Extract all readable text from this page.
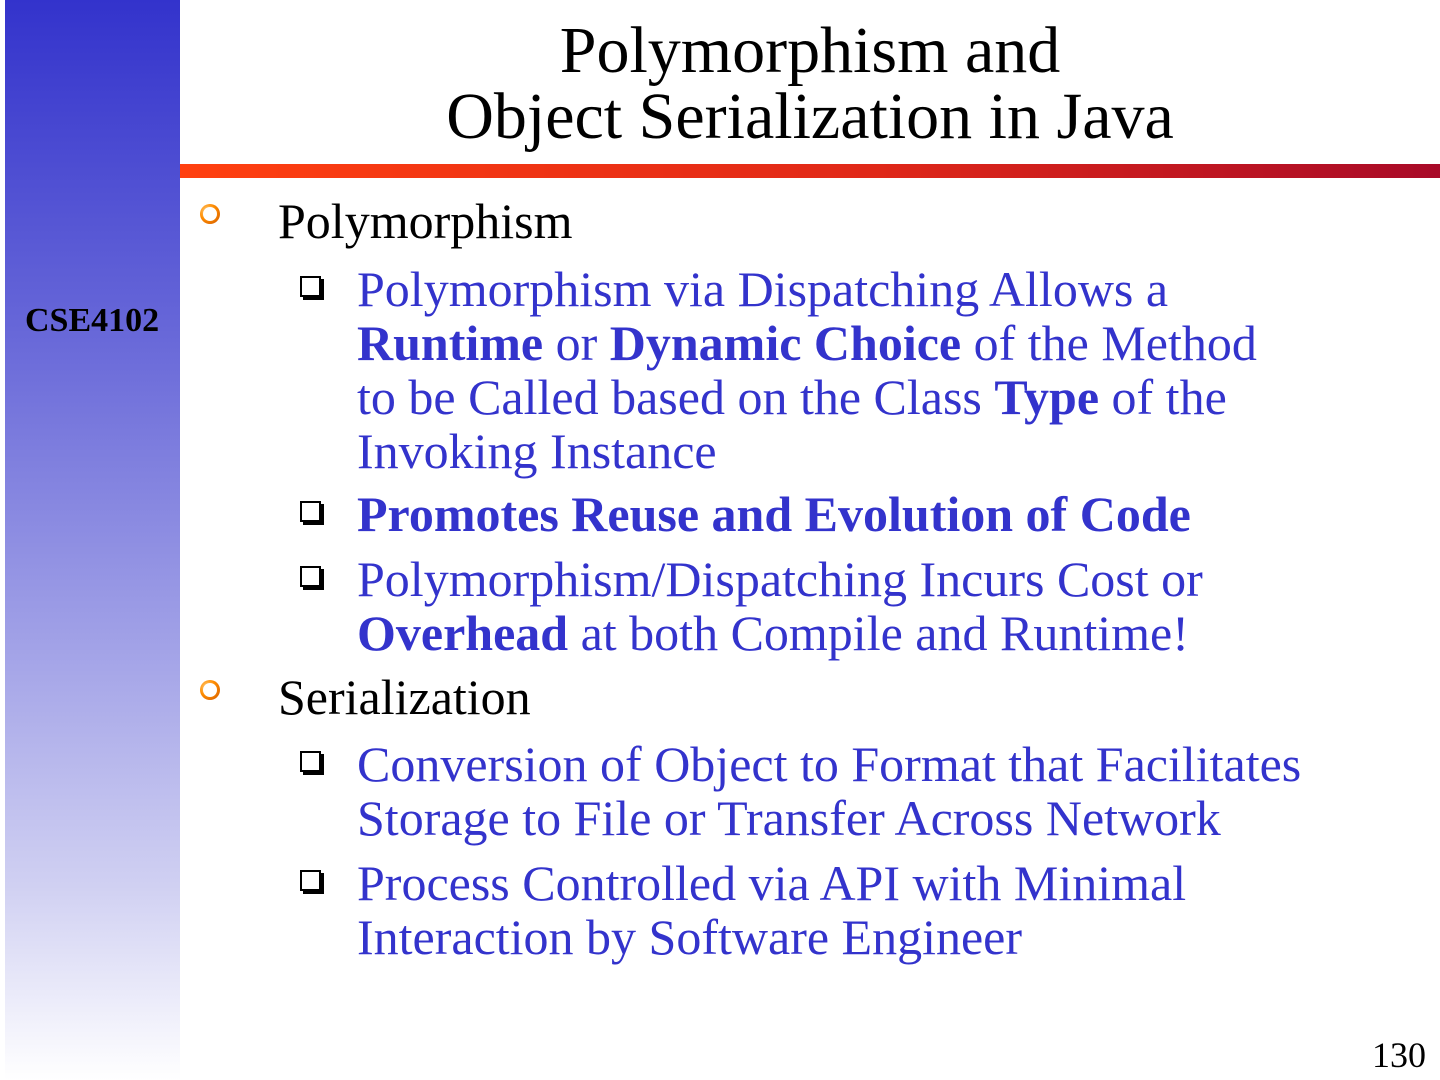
CSE4102
Polymorphism and
Object Serialization in Java
Polymorphism
Polymorphism via Dispatching Allows a
Runtime or Dynamic Choice of the Method
to be Called based on the Class Type of the
Invoking Instance
Promotes Reuse and Evolution of Code
Polymorphism/Dispatching Incurs Cost or
Overhead at both Compile and Runtime!
Serialization
Conversion of Object to Format that Facilitates
Storage to File or Transfer Across Network
Process Controlled via API with Minimal
Interaction by Software Engineer
130
